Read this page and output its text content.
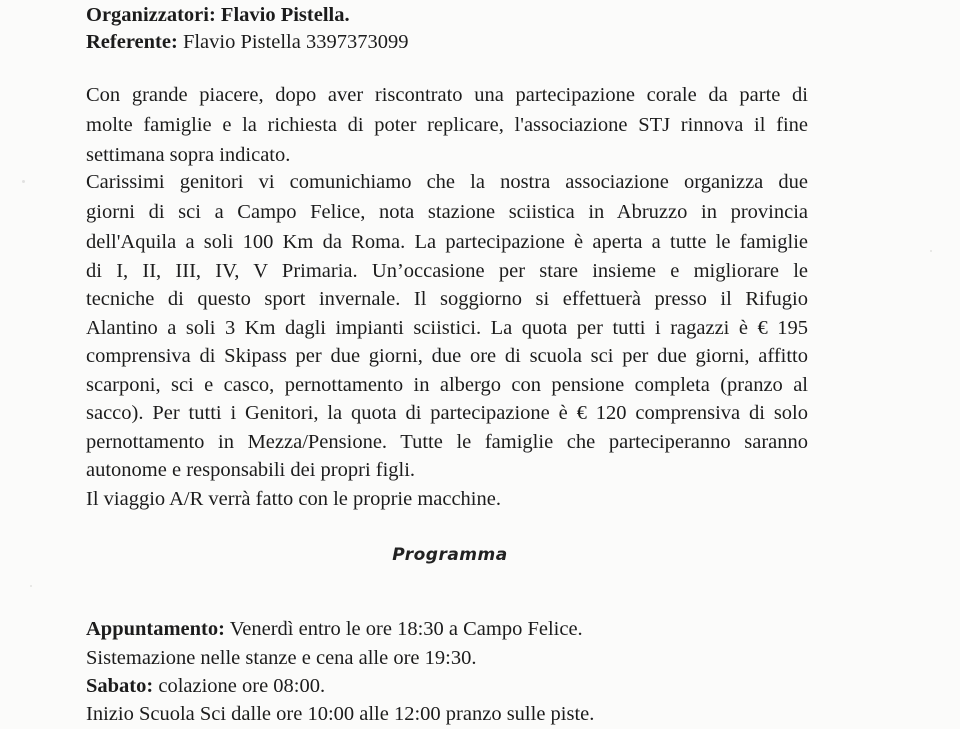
Organizzatori: Flavio Pistella.
Referente: Flavio Pistella 3397373099
Con grande piacere, dopo aver riscontrato una partecipazione corale da parte di
molte famiglie e la richiesta di poter replicare, l'associazione STJ rinnova il fine
settimana sopra indicato.
Carissimi genitori vi comunichiamo che la nostra associazione organizza due
giorni di sci a Campo Felice, nota stazione sciistica in Abruzzo in provincia
dell'Aquila a soli 100 Km da Roma. La partecipazione è aperta a tutte le famiglie
di I, II, III, IV, V Primaria. Un’occasione per stare insieme e migliorare le
tecniche di questo sport invernale. Il soggiorno si effettuerà presso il Rifugio
Alantino a soli 3 Km dagli impianti sciistici. La quota per tutti i ragazzi è € 195
comprensiva di Skipass per due giorni, due ore di scuola sci per due giorni, affitto
scarponi, sci e casco, pernottamento in albergo con pensione completa (pranzo al
sacco). Per tutti i Genitori, la quota di partecipazione è € 120 comprensiva di solo
pernottamento in Mezza/Pensione. Tutte le famiglie che parteciperanno saranno
autonome e responsabili dei propri figli.
Il viaggio A/R verrà fatto con le proprie macchine.
Programma
Appuntamento: Venerdì entro le ore 18:30 a Campo Felice.
Sistemazione nelle stanze e cena alle ore 19:30.
Sabato: colazione ore 08:00.
Inizio Scuola Sci dalle ore 10:00 alle 12:00 pranzo sulle piste.
